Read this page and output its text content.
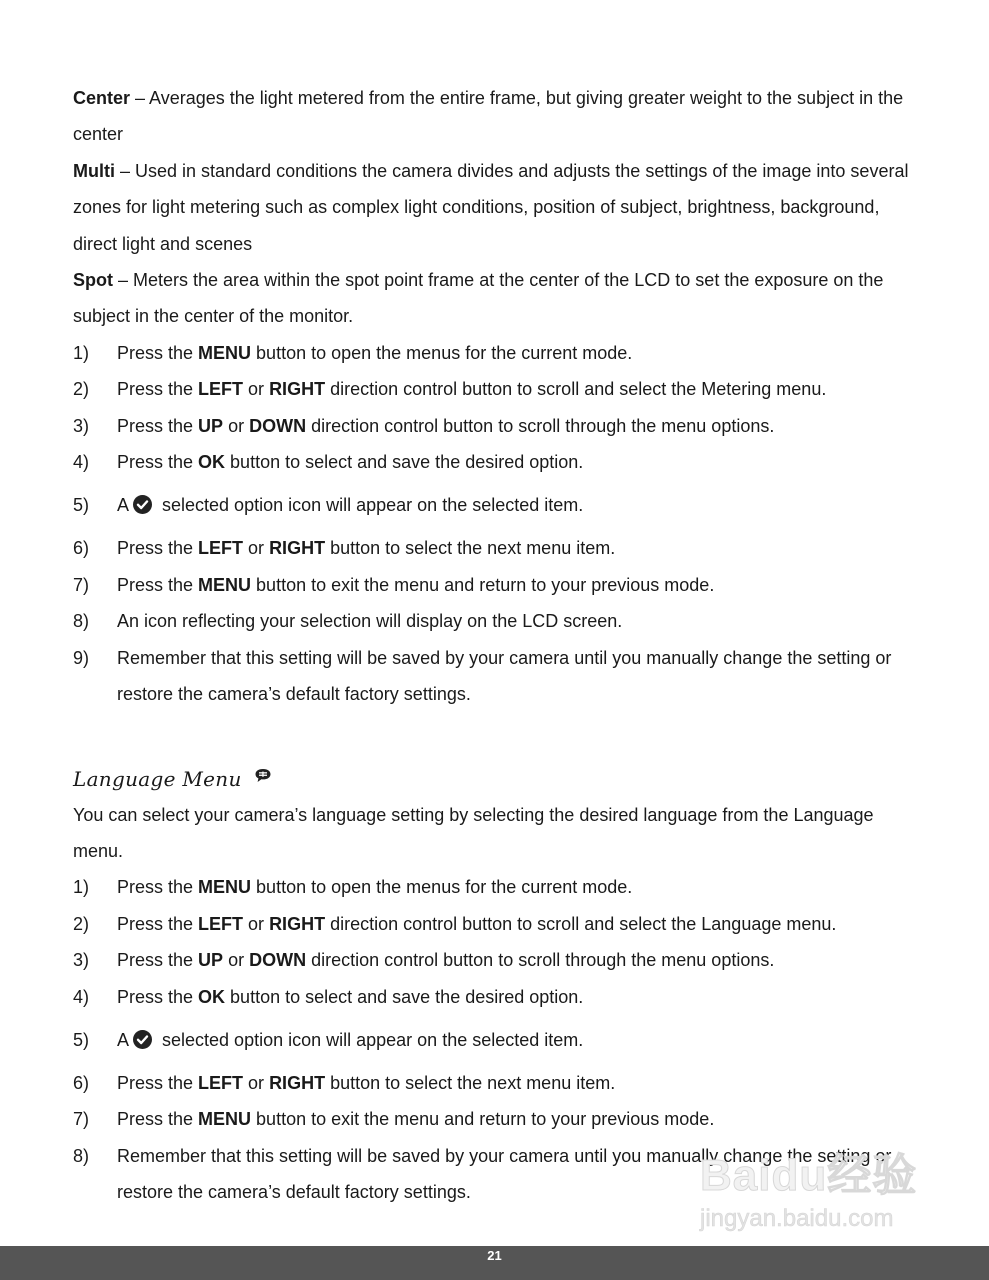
Center – Averages the light metered from the entire frame, but giving greater weight to the subject in the center

Multi – Used in standard conditions the camera divides and adjusts the settings of the image into several zones for light metering such as complex light conditions, position of subject, brightness, background, direct light and scenes

Spot – Meters the area within the spot point frame at the center of the LCD to set the exposure on the subject in the center of the monitor.

1) Press the MENU button to open the menus for the current mode.
2) Press the LEFT or RIGHT direction control button to scroll and select the Metering menu.
3) Press the UP or DOWN direction control button to scroll through the menu options.
4) Press the OK button to select and save the desired option.
5) A selected option icon will appear on the selected item.
6) Press the LEFT or RIGHT button to select the next menu item.
7) Press the MENU button to exit the menu and return to your previous mode.
8) An icon reflecting your selection will display on the LCD screen.
9) Remember that this setting will be saved by your camera until you manually change the setting or restore the camera’s default factory settings.
Language Menu

You can select your camera’s language setting by selecting the desired language from the Language menu.

1) Press the MENU button to open the menus for the current mode.
2) Press the LEFT or RIGHT direction control button to scroll and select the Language menu.
3) Press the UP or DOWN direction control button to scroll through the menu options.
4) Press the OK button to select and save the desired option.
5) A selected option icon will appear on the selected item.
6) Press the LEFT or RIGHT button to select the next menu item.
7) Press the MENU button to exit the menu and return to your previous mode.
8) Remember that this setting will be saved by your camera until you manually change the setting or restore the camera’s default factory settings.	Baidu经验
jingyan.baidu.com
21
